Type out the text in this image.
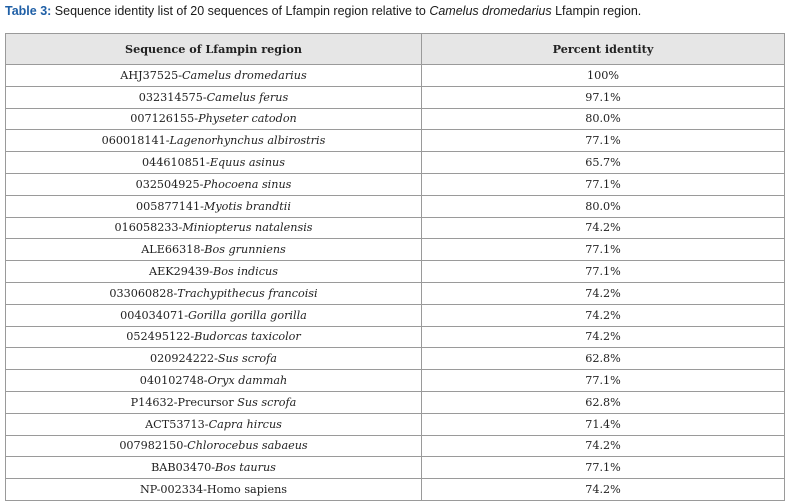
Table 3: Sequence identity list of 20 sequences of Lfampin region relative to Camelus dromedarius Lfampin region.
Sequence of Lfampin region	Percent identity
AHJ37525-Camelus dromedarius	100%
032314575-Camelus ferus	97.1%
007126155-Physeter catodon	80.0%
060018141-Lagenorhynchus albirostris	77.1%
044610851-Equus asinus	65.7%
032504925-Phocoena sinus	77.1%
005877141-Myotis brandtii	80.0%
016058233-Miniopterus natalensis	74.2%
ALE66318-Bos grunniens	77.1%
AEK29439-Bos indicus	77.1%
033060828-Trachypithecus francoisi	74.2%
004034071-Gorilla gorilla gorilla	74.2%
052495122-Budorcas taxicolor	74.2%
020924222-Sus scrofa	62.8%
040102748-Oryx dammah	77.1%
P14632-Precursor Sus scrofa	62.8%
ACT53713-Capra hircus	71.4%
007982150-Chlorocebus sabaeus	74.2%
BAB03470-Bos taurus	77.1%
NP-002334-Homo sapiens	74.2%
